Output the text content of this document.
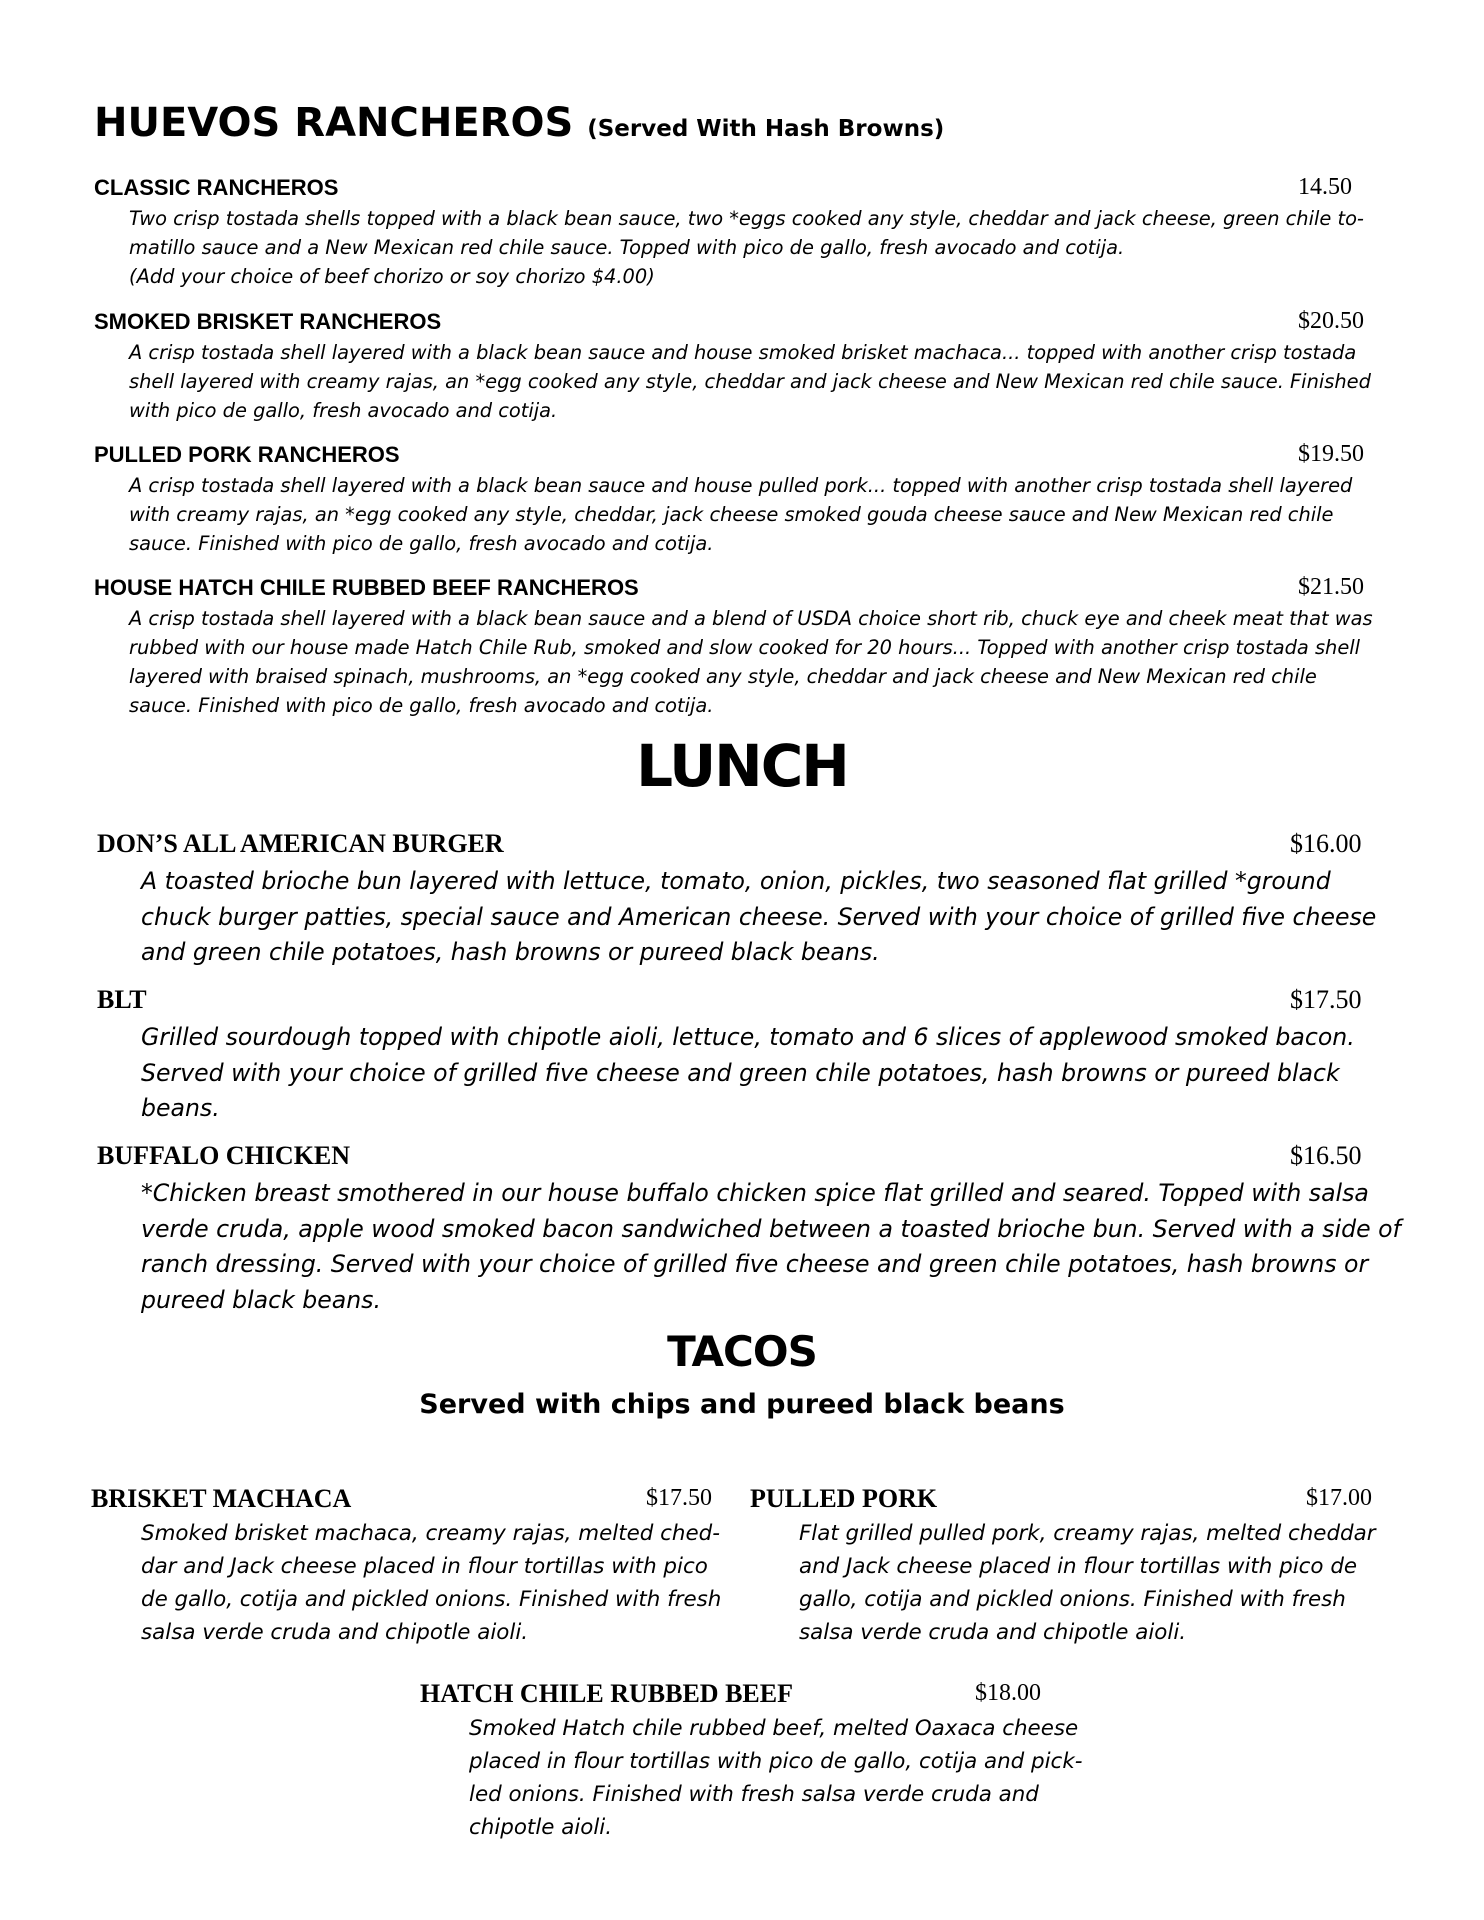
HUEVOS RANCHEROS (Served With Hash Browns)
CLASSIC RANCHEROS	14.50
Two crisp tostada shells topped with a black bean sauce, two *eggs cooked any style, cheddar and jack cheese, green chile to-
matillo sauce and a New Mexican red chile sauce. Topped with pico de gallo, fresh avocado and cotija.
(Add your choice of beef chorizo or soy chorizo $4.00)
SMOKED BRISKET RANCHEROS	$20.50
A crisp tostada shell layered with a black bean sauce and house smoked brisket machaca... topped with another crisp tostada
shell layered with creamy rajas, an *egg cooked any style, cheddar and jack cheese and New Mexican red chile sauce. Finished
with pico de gallo, fresh avocado and cotija.
PULLED PORK RANCHEROS	$19.50
A crisp tostada shell layered with a black bean sauce and house pulled pork... topped with another crisp tostada shell layered
with creamy rajas, an *egg cooked any style, cheddar, jack cheese smoked gouda cheese sauce and New Mexican red chile
sauce. Finished with pico de gallo, fresh avocado and cotija.
HOUSE HATCH CHILE RUBBED BEEF RANCHEROS	$21.50
A crisp tostada shell layered with a black bean sauce and a blend of USDA choice short rib, chuck eye and cheek meat that was
rubbed with our house made Hatch Chile Rub, smoked and slow cooked for 20 hours... Topped with another crisp tostada shell
layered with braised spinach, mushrooms, an *egg cooked any style, cheddar and jack cheese and New Mexican red chile
sauce. Finished with pico de gallo, fresh avocado and cotija.
LUNCH
DON’S ALL AMERICAN BURGER	$16.00
A toasted brioche bun layered with lettuce, tomato, onion, pickles, two seasoned flat grilled *ground
chuck burger patties, special sauce and American cheese. Served with your choice of grilled five cheese
and green chile potatoes, hash browns or pureed black beans.
BLT	$17.50
Grilled sourdough topped with chipotle aioli, lettuce, tomato and 6 slices of applewood smoked bacon.
Served with your choice of grilled five cheese and green chile potatoes, hash browns or pureed black
beans.
BUFFALO CHICKEN	$16.50
*Chicken breast smothered in our house buffalo chicken spice flat grilled and seared. Topped with salsa
verde cruda, apple wood smoked bacon sandwiched between a toasted brioche bun. Served with a side of
ranch dressing. Served with your choice of grilled five cheese and green chile potatoes, hash browns or
pureed black beans.
TACOS
Served with chips and pureed black beans
BRISKET MACHACA	$17.50
Smoked brisket machaca, creamy rajas, melted ched-
dar and Jack cheese placed in flour tortillas with pico
de gallo, cotija and pickled onions. Finished with fresh
salsa verde cruda and chipotle aioli.
PULLED PORK	$17.00
Flat grilled pulled pork, creamy rajas, melted cheddar
and Jack cheese placed in flour tortillas with pico de
gallo, cotija and pickled onions. Finished with fresh
salsa verde cruda and chipotle aioli.
HATCH CHILE RUBBED BEEF	$18.00
Smoked Hatch chile rubbed beef, melted Oaxaca cheese
placed in flour tortillas with pico de gallo, cotija and pick-
led onions. Finished with fresh salsa verde cruda and
chipotle aioli.
